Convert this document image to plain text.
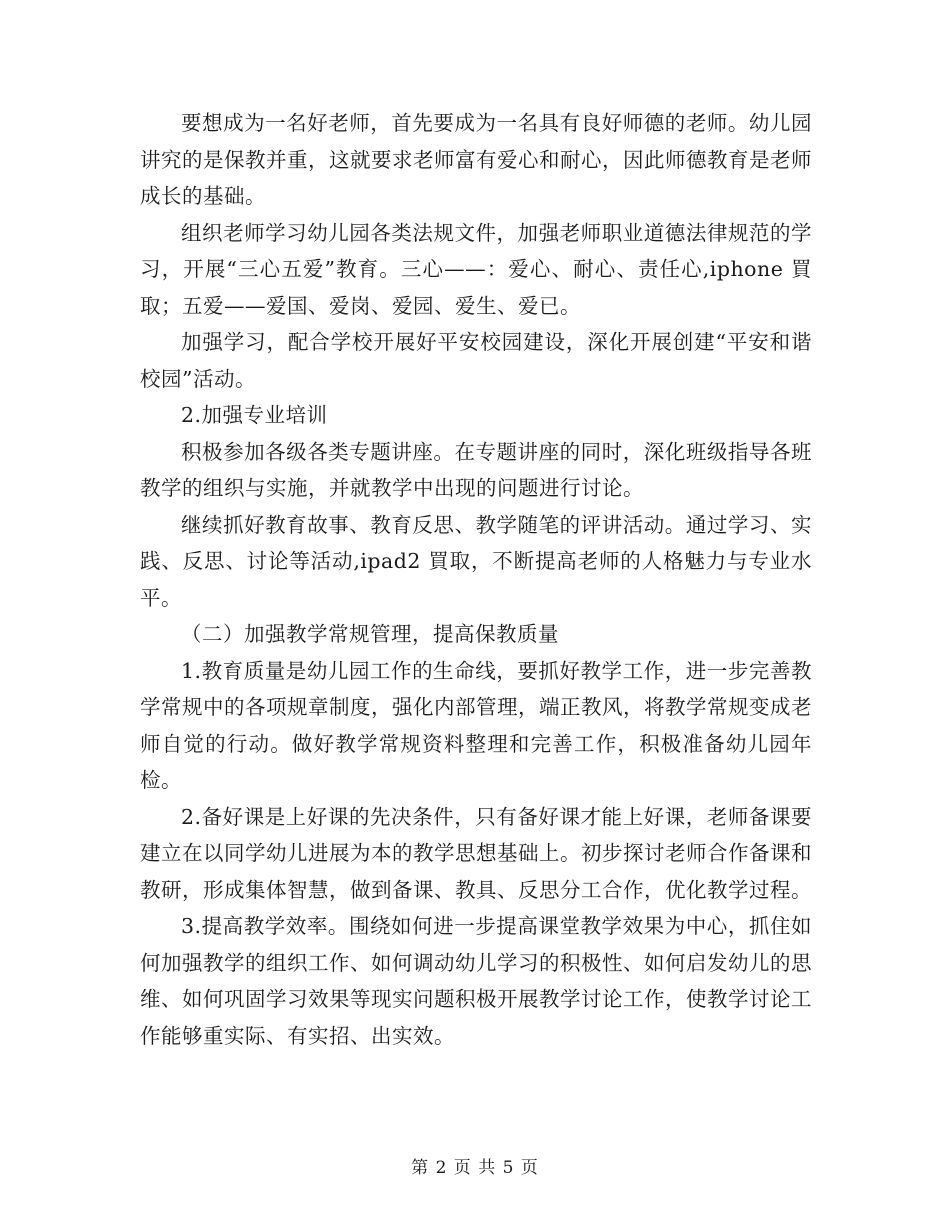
要想成为一名好老师，首先要成为一名具有良好师德的老师。幼儿园讲究的是保教并重，这就要求老师富有爱心和耐心，因此师德教育是老师成长的基础。

组织老师学习幼儿园各类法规文件，加强老师职业道德法律规范的学习，开展“三心五爱”教育。三心——：爱心、耐心、责任心,iphone 買取；五爱——爱国、爱岗、爱园、爱生、爱已。

加强学习，配合学校开展好平安校园建设，深化开展创建“平安和谐校园”活动。

2.加强专业培训

积极参加各级各类专题讲座。在专题讲座的同时，深化班级指导各班教学的组织与实施，并就教学中出现的问题进行讨论。

继续抓好教育故事、教育反思、教学随笔的评讲活动。通过学习、实践、反思、讨论等活动,ipad2 買取，不断提高老师的人格魅力与专业水平。

（二）加强教学常规管理，提高保教质量

1.教育质量是幼儿园工作的生命线，要抓好教学工作，进一步完善教学常规中的各项规章制度，强化内部管理，端正教风，将教学常规变成老师自觉的行动。做好教学常规资料整理和完善工作，积极准备幼儿园年检。

2.备好课是上好课的先决条件，只有备好课才能上好课，老师备课要建立在以同学幼儿进展为本的教学思想基础上。初步探讨老师合作备课和教研，形成集体智慧，做到备课、教具、反思分工合作，优化教学过程。

3.提高教学效率。围绕如何进一步提高课堂教学效果为中心，抓住如何加强教学的组织工作、如何调动幼儿学习的积极性、如何启发幼儿的思维、如何巩固学习效果等现实问题积极开展教学讨论工作，使教学讨论工作能够重实际、有实招、出实效。

第 2 页 共 5 页
